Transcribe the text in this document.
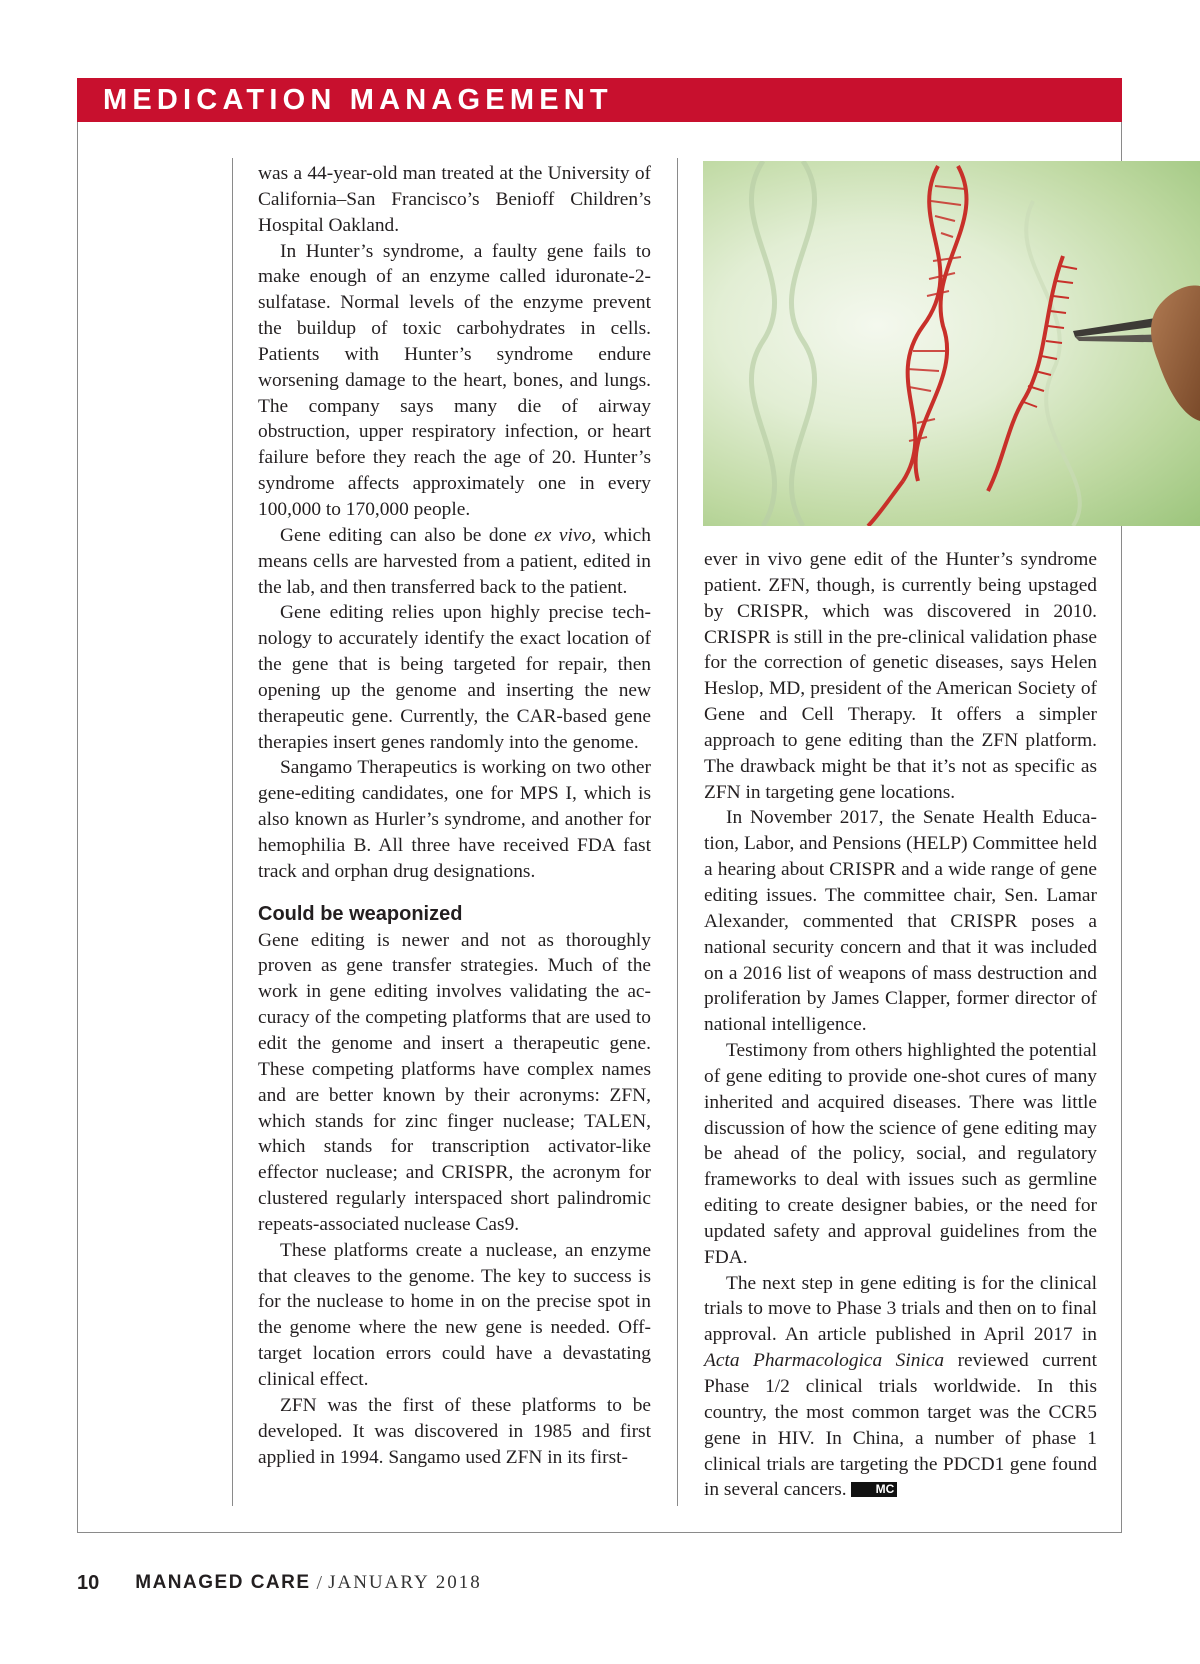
MEDICATION MANAGEMENT

was a 44-year-old man treated at the University of California–San Francisco’s Benioff Children’s Hospital Oakland.

In Hunter’s syndrome, a faulty gene fails to make enough of an enzyme called iduronate-2-sulfatase. Normal levels of the enzyme prevent the buildup of toxic carbohydrates in cells. Patients with Hunter’s syndrome endure worsening damage to the heart, bones, and lungs. The company says many die of airway obstruction, upper respiratory infection, or heart failure before they reach the age of 20. Hunter’s syndrome affects approximately one in every 100,000 to 170,000 people.

Gene editing can also be done ex vivo, which means cells are harvested from a patient, edited in the lab, and then transferred back to the patient.

Gene editing relies upon highly precise technology to accurately identify the exact location of the gene that is being targeted for repair, then opening up the genome and inserting the new therapeutic gene. Currently, the CAR-based gene therapies insert genes randomly into the genome.

Sangamo Therapeutics is working on two other gene-editing candidates, one for MPS I, which is also known as Hurler’s syndrome, and another for hemophilia B. All three have received FDA fast track and orphan drug designations.

Could be weaponized

Gene editing is newer and not as thoroughly proven as gene transfer strategies. Much of the work in gene editing involves validating the accuracy of the competing platforms that are used to edit the genome and insert a therapeutic gene. These competing platforms have complex names and are better known by their acronyms: ZFN, which stands for zinc finger nuclease; TALEN, which stands for transcription activator-like effector nuclease; and CRISPR, the acronym for clustered regularly interspaced short palindromic repeats-associated nuclease Cas9.

These platforms create a nuclease, an enzyme that cleaves to the genome. The key to success is for the nuclease to home in on the precise spot in the genome where the new gene is needed. Off-target location errors could have a devastating clinical effect.

ZFN was the first of these platforms to be developed. It was discovered in 1985 and first applied in 1994. Sangamo used ZFN in its first-

ever in vivo gene edit of the Hunter’s syndrome patient. ZFN, though, is currently being upstaged by CRISPR, which was discovered in 2010. CRISPR is still in the pre-clinical validation phase for the correction of genetic diseases, says Helen Heslop, MD, president of the American Society of Gene and Cell Therapy. It offers a simpler approach to gene editing than the ZFN platform. The drawback might be that it’s not as specific as ZFN in targeting gene locations.

In November 2017, the Senate Health Education, Labor, and Pensions (HELP) Committee held a hearing about CRISPR and a wide range of gene editing issues. The committee chair, Sen. Lamar Alexander, commented that CRISPR poses a national security concern and that it was included on a 2016 list of weapons of mass destruction and proliferation by James Clapper, former director of national intelligence.

Testimony from others highlighted the potential of gene editing to provide one-shot cures of many inherited and acquired diseases. There was little discussion of how the science of gene editing may be ahead of the policy, social, and regulatory frameworks to deal with issues such as germline editing to create designer babies, or the need for updated safety and approval guidelines from the FDA.

The next step in gene editing is for the clinical trials to move to Phase 3 trials and then on to final approval. An article published in April 2017 in Acta Pharmacologica Sinica reviewed current Phase 1/2 clinical trials worldwide. In this country, the most common target was the CCR5 gene in HIV. In China, a number of phase 1 clinical trials are targeting the PDCD1 gene found in several cancers. MC

10 MANAGED CARE / JANUARY 2018
